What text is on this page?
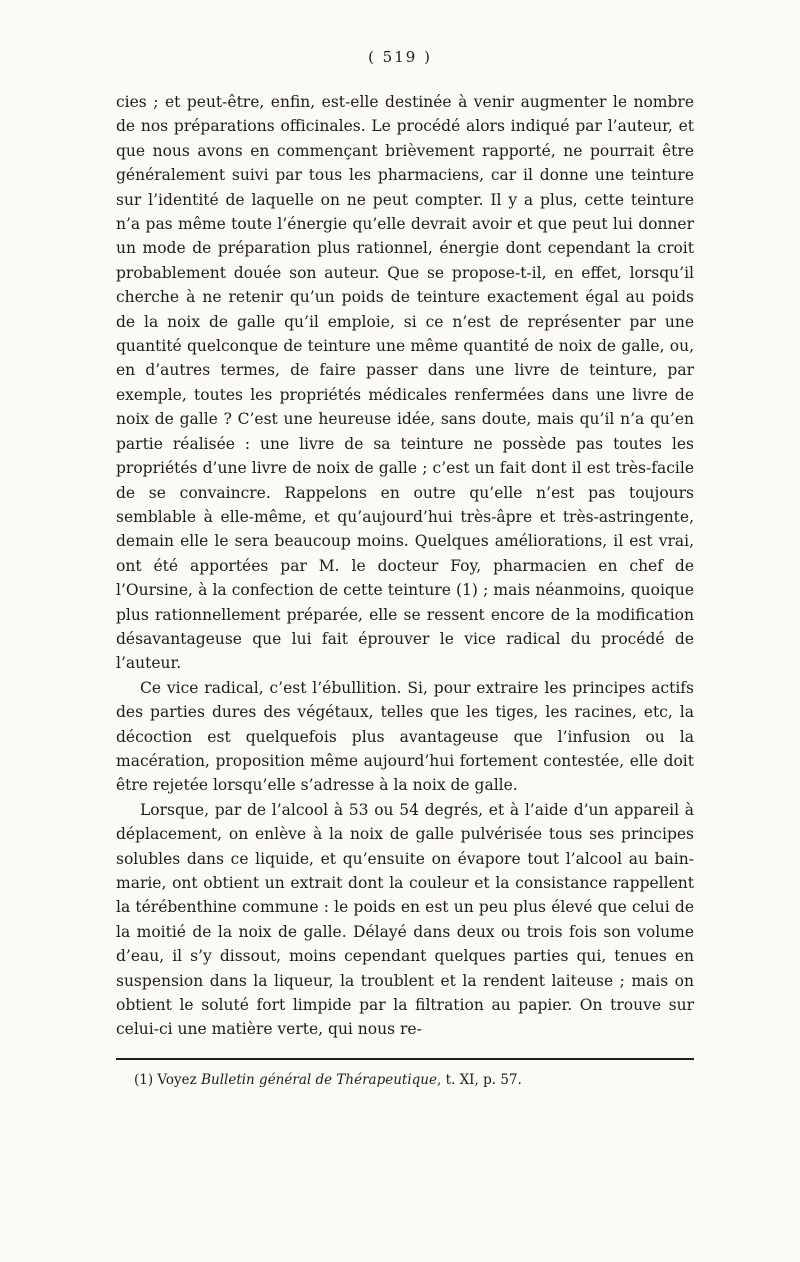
( 519 )

cies ; et peut-être, enfin, est-elle destinée à venir augmenter le nombre de nos préparations officinales. Le procédé alors indiqué par l’auteur, et que nous avons en commençant brièvement rapporté, ne pourrait être généralement suivi par tous les pharmaciens, car il donne une teinture sur l’identité de laquelle on ne peut compter. Il y a plus, cette teinture n’a pas même toute l’énergie qu’elle devrait avoir et que peut lui donner un mode de préparation plus rationnel, énergie dont cependant la croit probablement douée son auteur. Que se propose-t-il, en effet, lorsqu’il cherche à ne retenir qu’un poids de teinture exactement égal au poids de la noix de galle qu’il emploie, si ce n’est de représenter par une quantité quelconque de teinture une même quantité de noix de galle, ou, en d’autres termes, de faire passer dans une livre de teinture, par exemple, toutes les propriétés médicales renfermées dans une livre de noix de galle ? C’est une heureuse idée, sans doute, mais qu’il n’a qu’en partie réalisée : une livre de sa teinture ne possède pas toutes les propriétés d’une livre de noix de galle ; c’est un fait dont il est très-facile de se convaincre. Rappelons en outre qu’elle n’est pas toujours semblable à elle-même, et qu’aujourd’hui très-âpre et très-astringente, demain elle le sera beaucoup moins. Quelques améliorations, il est vrai, ont été apportées par M. le docteur Foy, pharmacien en chef de l’Oursine, à la confection de cette teinture (1) ; mais néanmoins, quoique plus rationnellement préparée, elle se ressent encore de la modification désavantageuse que lui fait éprouver le vice radical du procédé de l’auteur.

Ce vice radical, c’est l’ébullition. Si, pour extraire les principes actifs des parties dures des végétaux, telles que les tiges, les racines, etc, la décoction est quelquefois plus avantageuse que l’infusion ou la macération, proposition même aujourd’hui fortement contestée, elle doit être rejetée lorsqu’elle s’adresse à la noix de galle.

Lorsque, par de l’alcool à 53 ou 54 degrés, et à l’aide d’un appareil à déplacement, on enlève à la noix de galle pulvérisée tous ses principes solubles dans ce liquide, et qu’ensuite on évapore tout l’alcool au bain-marie, ont obtient un extrait dont la couleur et la consistance rappellent la térébenthine commune : le poids en est un peu plus élevé que celui de la moitié de la noix de galle. Délayé dans deux ou trois fois son volume d’eau, il s’y dissout, moins cependant quelques parties qui, tenues en suspension dans la liqueur, la troublent et la rendent laiteuse ; mais on obtient le soluté fort limpide par la filtration au papier. On trouve sur celui-ci une matière verte, qui nous re-

(1) Voyez Bulletin général de Thérapeutique, t. XI, p. 57.
